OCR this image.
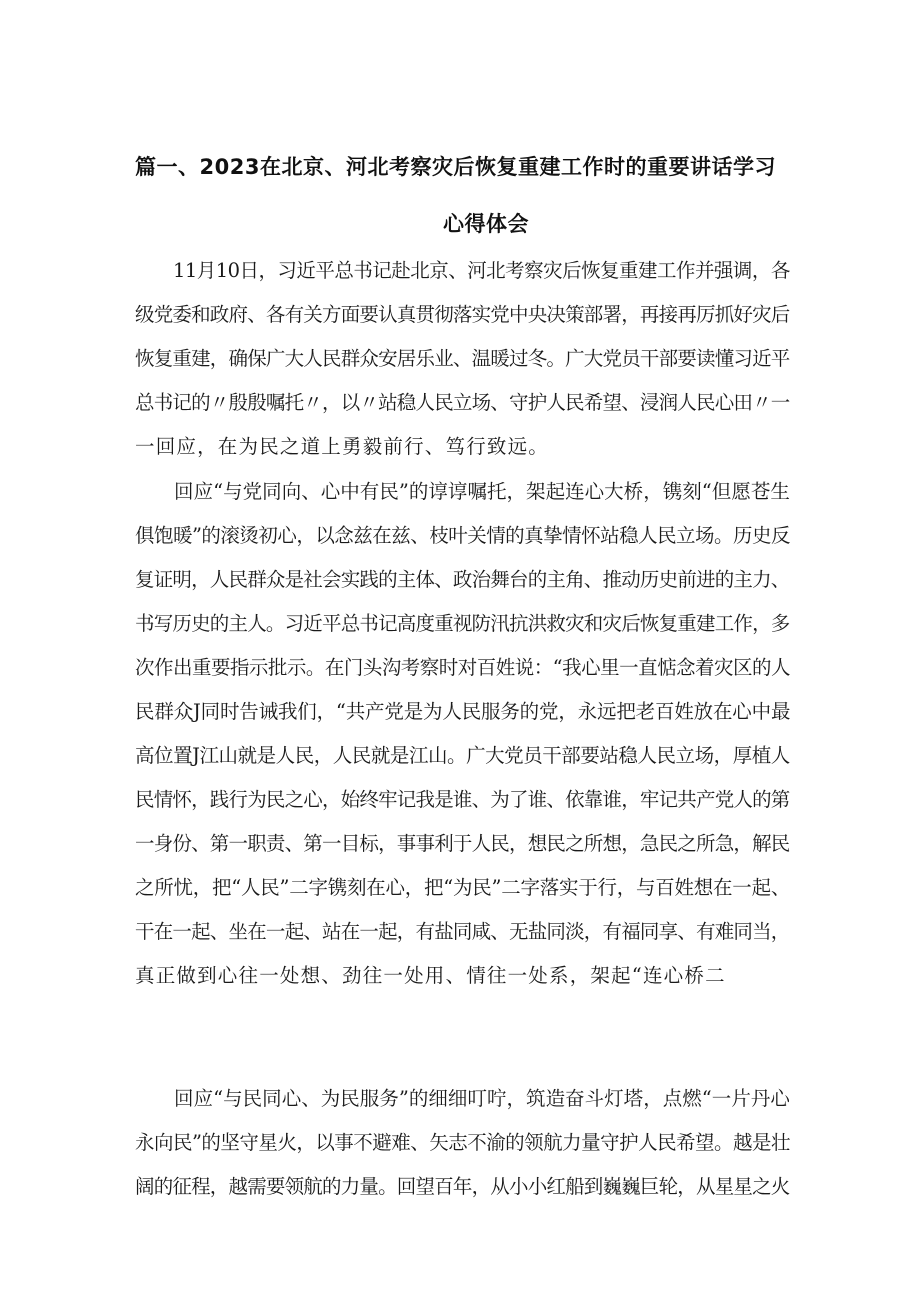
篇一、2023在北京、河北考察灾后恢复重建工作时的重要讲话学习
心得体会
　　11月10日，习近平总书记赴北京、河北考察灾后恢复重建工作并强调，各
级党委和政府、各有关方面要认真贯彻落实党中央决策部署，再接再厉抓好灾后
恢复重建，确保广大人民群众安居乐业、温暖过冬。广大党员干部要读懂习近平
总书记的〃殷殷嘱托〃，以〃站稳人民立场、守护人民希望、浸润人民心田〃一
一回应，在为民之道上勇毅前行、笃行致远。
　　回应“与党同向、心中有民”的谆谆嘱托，架起连心大桥，镌刻“但愿苍生
俱饱暖”的滚烫初心，以念兹在兹、枝叶关情的真挚情怀站稳人民立场。历史反
复证明，人民群众是社会实践的主体、政治舞台的主角、推动历史前进的主力、
书写历史的主人。习近平总书记高度重视防汛抗洪救灾和灾后恢复重建工作，多
次作出重要指示批示。在门头沟考察时对百姓说：“我心里一直惦念着灾区的人
民群众J同时告诫我们，“共产党是为人民服务的党，永远把老百姓放在心中最
高位置J江山就是人民，人民就是江山。广大党员干部要站稳人民立场，厚植人
民情怀，践行为民之心，始终牢记我是谁、为了谁、依靠谁，牢记共产党人的第
一身份、第一职责、第一目标，事事利于人民，想民之所想，急民之所急，解民
之所忧，把“人民”二字镌刻在心，把“为民”二字落实于行，与百姓想在一起、
干在一起、坐在一起、站在一起，有盐同咸、无盐同淡，有福同享、有难同当，
真正做到心往一处想、劲往一处用、情往一处系，架起“连心桥二
　　回应“与民同心、为民服务”的细细叮咛，筑造奋斗灯塔，点燃“一片丹心
永向民”的坚守星火，以事不避难、矢志不渝的领航力量守护人民希望。越是壮
阔的征程，越需要领航的力量。回望百年，从小小红船到巍巍巨轮，从星星之火
